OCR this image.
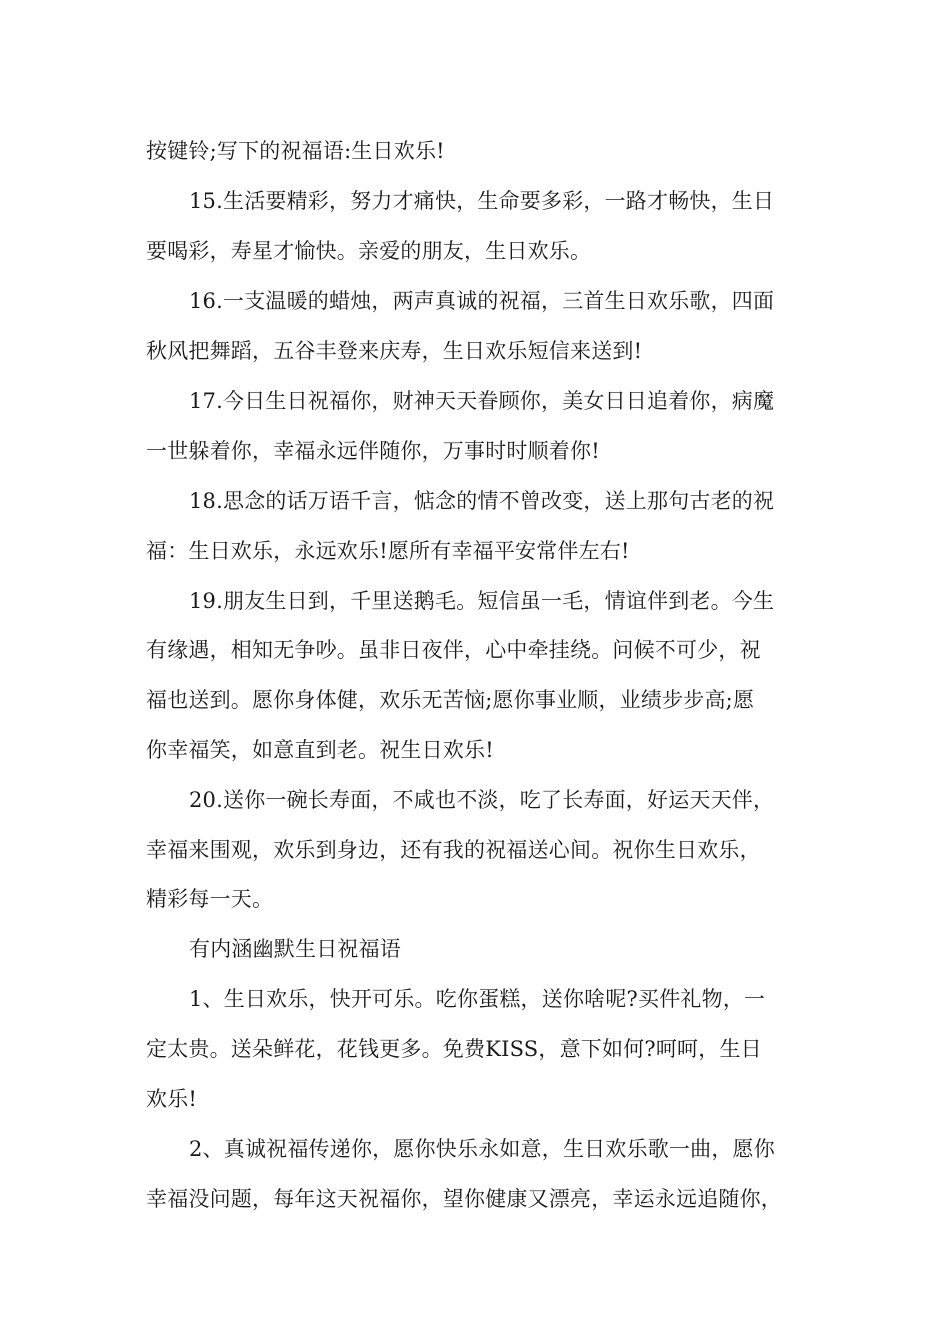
按键铃;写下的祝福语:生日欢乐!
15.生活要精彩，努力才痛快，生命要多彩，一路才畅快，生日
要喝彩，寿星才愉快。亲爱的朋友，生日欢乐。
16.一支温暖的蜡烛，两声真诚的祝福，三首生日欢乐歌，四面
秋风把舞蹈，五谷丰登来庆寿，生日欢乐短信来送到!
17.今日生日祝福你，财神天天眷顾你，美女日日追着你，病魔
一世躲着你，幸福永远伴随你，万事时时顺着你!
18.思念的话万语千言，惦念的情不曾改变，送上那句古老的祝
福：生日欢乐，永远欢乐!愿所有幸福平安常伴左右!
19.朋友生日到，千里送鹅毛。短信虽一毛，情谊伴到老。今生
有缘遇，相知无争吵。虽非日夜伴，心中牵挂绕。问候不可少，祝
福也送到。愿你身体健，欢乐无苦恼;愿你事业顺，业绩步步高;愿
你幸福笑，如意直到老。祝生日欢乐!
20.送你一碗长寿面，不咸也不淡，吃了长寿面，好运天天伴，
幸福来围观，欢乐到身边，还有我的祝福送心间。祝你生日欢乐，
精彩每一天。
有内涵幽默生日祝福语
1、生日欢乐，快开可乐。吃你蛋糕，送你啥呢?买件礼物，一
定太贵。送朵鲜花，花钱更多。免费KISS，意下如何?呵呵，生日
欢乐!
2、真诚祝福传递你，愿你快乐永如意，生日欢乐歌一曲，愿你
幸福没问题，每年这天祝福你，望你健康又漂亮，幸运永远追随你，
